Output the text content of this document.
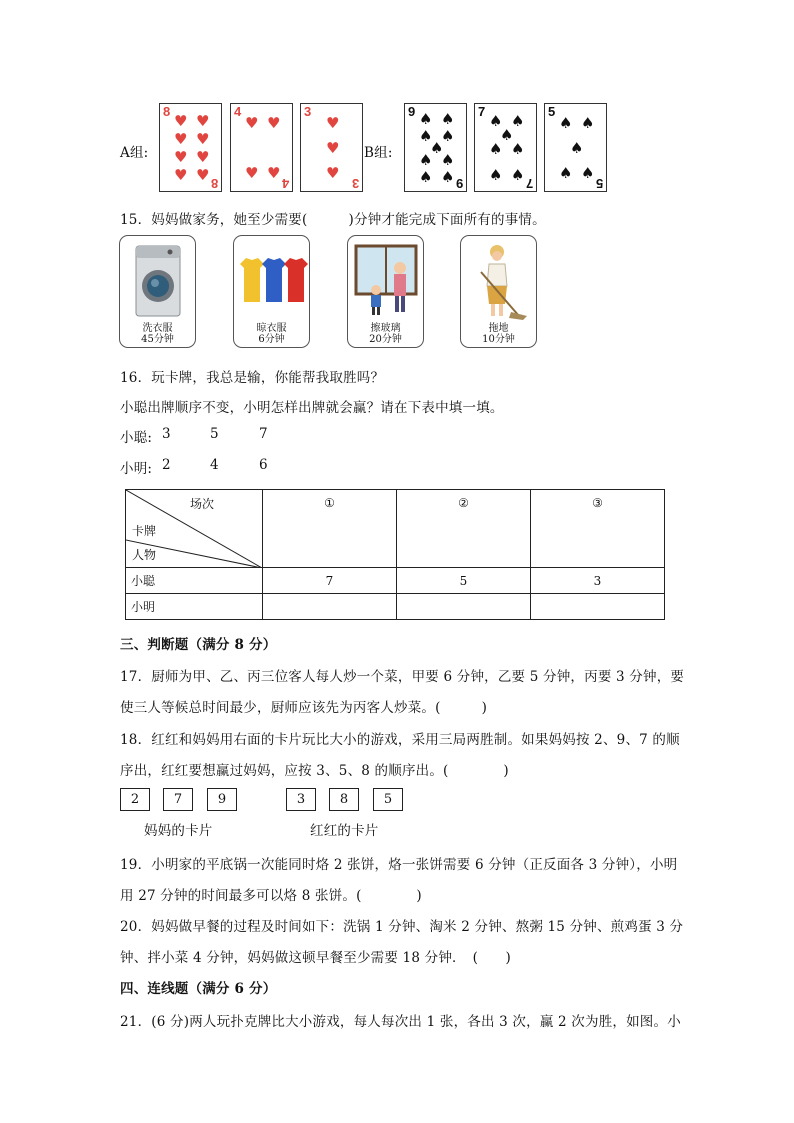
A组:
8
8
♥ ♥
♥ ♥
♥ ♥
♥ ♥
4
4
♥ ♥
♥ ♥
3
3
♥
♥
♥
B组:
9
9
♠ ♠
♠ ♠
♠
♠ ♠
♠ ♠
7
7
♠ ♠
♠
♠ ♠
♠ ♠
5
5
♠ ♠
♠
♠ ♠
15．妈妈做家务，她至少需要(　　　)分钟才能完成下面所有的事情。
洗衣服
45分钟
晾衣服
6分钟
擦玻璃
20分钟
拖地
10分钟
16．玩卡牌，我总是输，你能帮我取胜吗？
小聪出牌顺序不变，小明怎样出牌就会赢？请在下表中填一填。
小聪: 3	5	7
小明: 2	4	6
场次
卡牌
人物	①	②	③
小聪	7	5	3
小明			
三、判断题（满分 8 分）
17．厨师为甲、乙、丙三位客人每人炒一个菜，甲要 6 分钟，乙要 5 分钟，丙要 3 分钟，要
使三人等候总时间最少，厨师应该先为丙客人炒菜。(　　　)
18．红红和妈妈用右面的卡片玩比大小的游戏，采用三局两胜制。如果妈妈按 2、9、7 的顺
序出，红红要想赢过妈妈，应按 3、5、8 的顺序出。(　　　　)
2	7	9	3	8	5
妈妈的卡片	红红的卡片
19．小明家的平底锅一次能同时烙 2 张饼，烙一张饼需要 6 分钟（正反面各 3 分钟），小明
用 27 分钟的时间最多可以烙 8 张饼。(　　　　)
20．妈妈做早餐的过程及时间如下：洗锅 1 分钟、淘米 2 分钟、熬粥 15 分钟、煎鸡蛋 3 分
钟、拌小菜 4 分钟，妈妈做这顿早餐至少需要 18 分钟．　(　　)
四、连线题（满分 6 分）
21．(6 分)两人玩扑克牌比大小游戏，每人每次出 1 张，各出 3 次，赢 2 次为胜，如图。小
